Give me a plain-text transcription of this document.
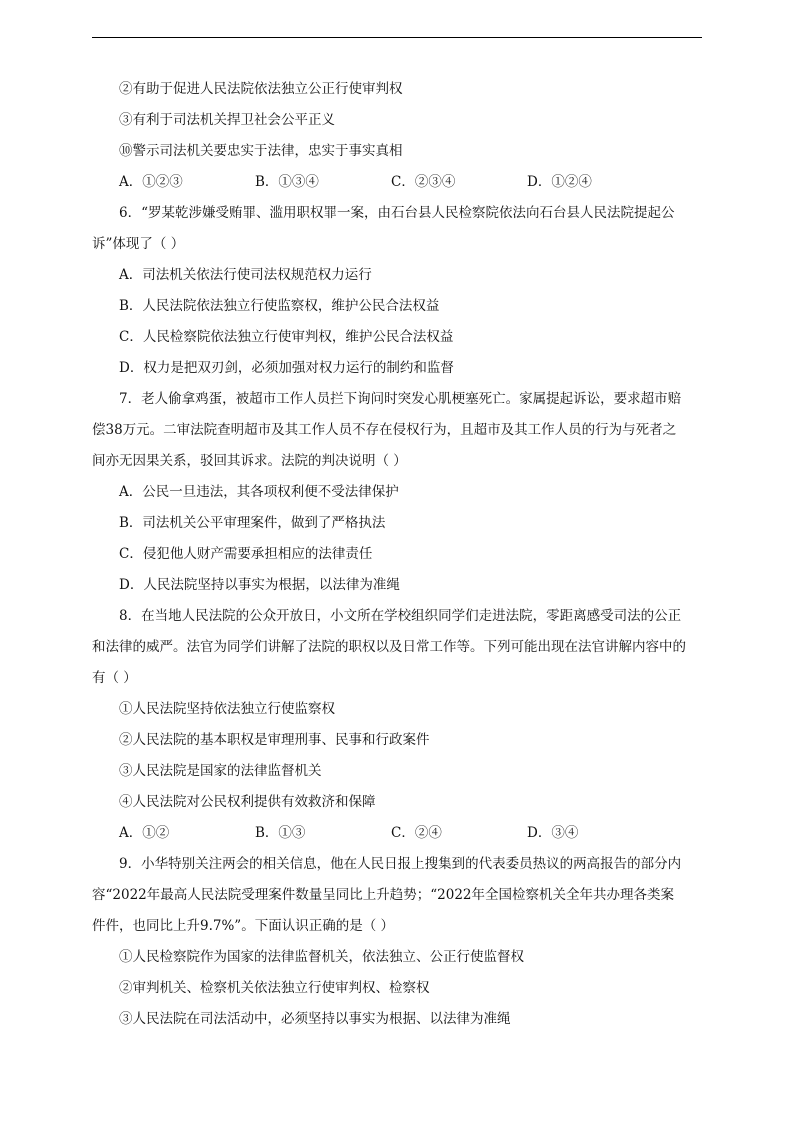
②有助于促进人民法院依法独立公正行使审判权
③有利于司法机关捍卫社会公平正义
⑩警示司法机关要忠实于法律，忠实于事实真相
A．①②③	B．①③④	C．②③④	D．①②④
6．“罗某乾涉嫌受贿罪、滥用职权罪一案，由石台县人民检察院依法向石台县人民法院提起公
诉”体现了（ ）
A．司法机关依法行使司法权规范权力运行
B．人民法院依法独立行使监察权，维护公民合法权益
C．人民检察院依法独立行使审判权，维护公民合法权益
D．权力是把双刃剑，必须加强对权力运行的制约和监督
7．老人偷拿鸡蛋，被超市工作人员拦下询问时突发心肌梗塞死亡。家属提起诉讼，要求超市赔
偿38万元。二审法院查明超市及其工作人员不存在侵权行为，且超市及其工作人员的行为与死者之
间亦无因果关系，驳回其诉求。法院的判决说明（ ）
A．公民一旦违法，其各项权利便不受法律保护
B．司法机关公平审理案件，做到了严格执法
C．侵犯他人财产需要承担相应的法律责任
D．人民法院坚持以事实为根据，以法律为准绳
8．在当地人民法院的公众开放日，小文所在学校组织同学们走进法院，零距离感受司法的公正
和法律的威严。法官为同学们讲解了法院的职权以及日常工作等。下列可能出现在法官讲解内容中的
有（ ）
①人民法院坚持依法独立行使监察权
②人民法院的基本职权是审理刑事、民事和行政案件
③人民法院是国家的法律监督机关
④人民法院对公民权利提供有效救济和保障
A．①②	B．①③	C．②④	D．③④
9．小华特别关注两会的相关信息，他在人民日报上搜集到的代表委员热议的两高报告的部分内
容“2022年最高人民法院受理案件数量呈同比上升趋势；“2022年全国检察机关全年共办理各类案
件件，也同比上升9.7%”。下面认识正确的是（ ）
①人民检察院作为国家的法律监督机关，依法独立、公正行使监督权
②审判机关、检察机关依法独立行使审判权、检察权
③人民法院在司法活动中，必须坚持以事实为根据、以法律为准绳
